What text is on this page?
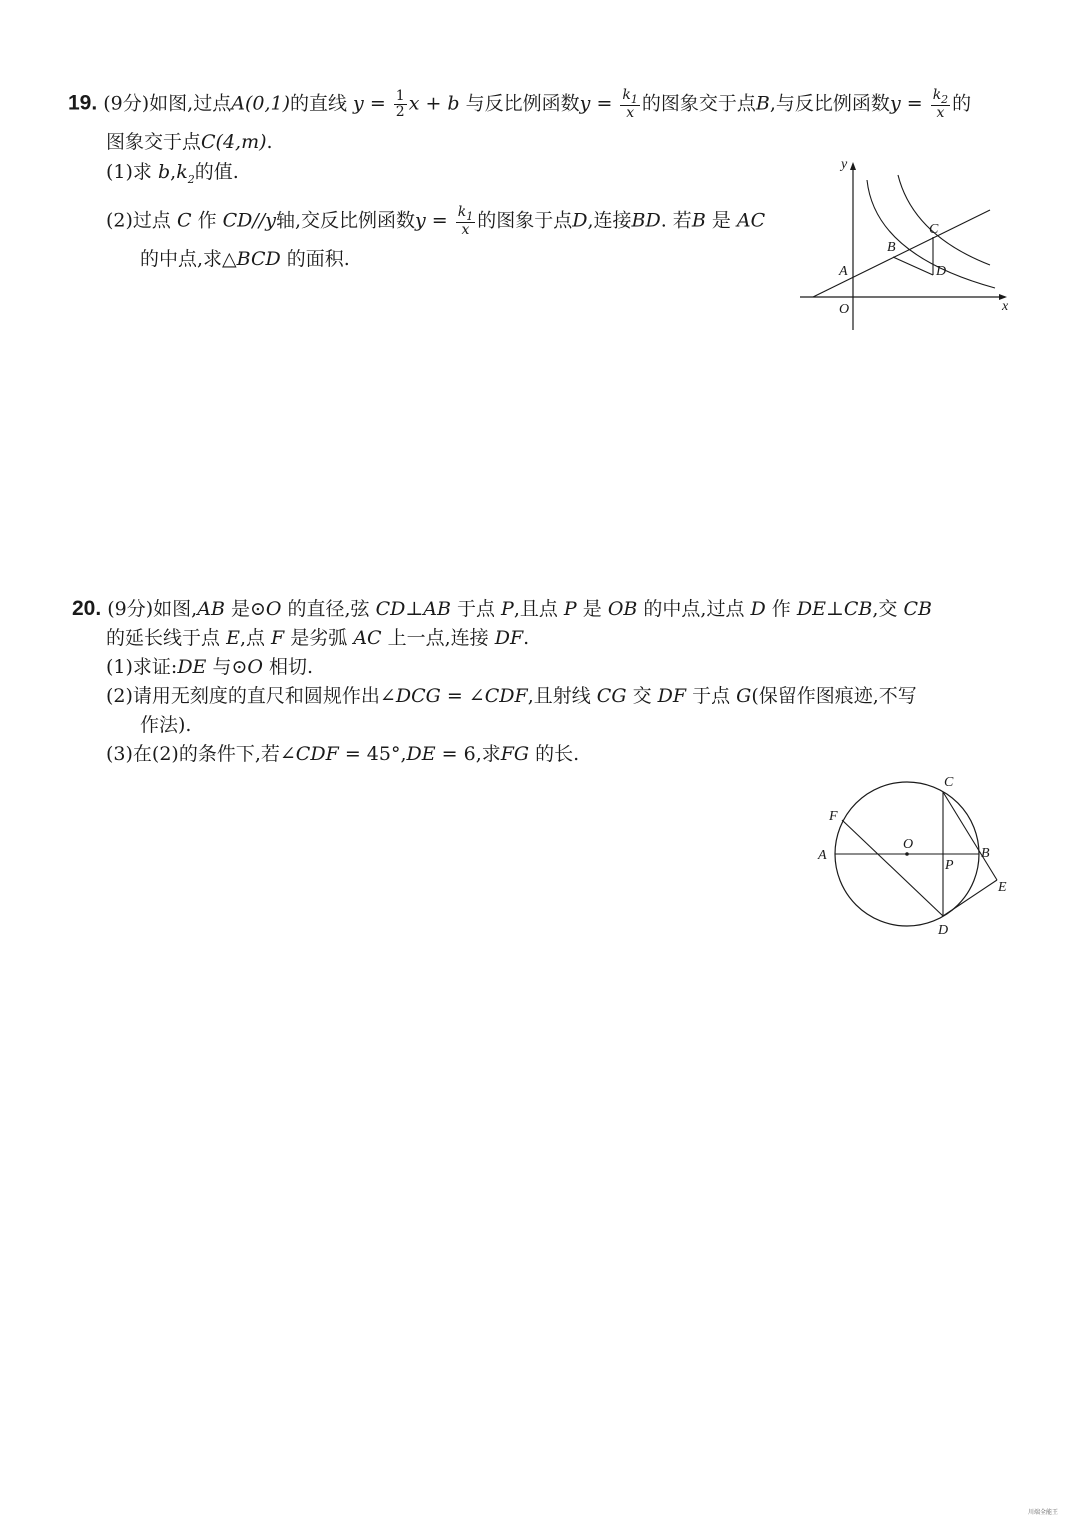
19. (9分)如图,过点A(0,1)的直线 $y = \frac{1}{2}$ x + b 与反比例函数$y = \frac{k_1}{x}$ 的图象交于点B,与反比例函数$y = \frac{k_2}{x}$ 的
图象交于点C(4,m).
(1)求 $b,k_2$的值.
(2)过点 C 作 CD//y轴,交反比例函数$y = \frac{k_1}{x}$ 的图象于点D,连接BD. 若B 是 AC
的中点,求△BCD 的面积.
y
x
O
A
B
C
D
20. (9分)如图,AB 是⊙O 的直径,弦 CD⊥AB 于点 P,且点 P 是 OB 的中点,过点 D 作 DE⊥CB,交 CB
的延长线于点 E,点 F 是劣弧 AC 上一点,连接 DF.
(1)求证:DE 与⊙O 相切.
(2)请用无刻度的直尺和圆规作出∠DCG = ∠CDF,且射线 CG 交 DF 于点 G(保留作图痕迹,不写
作法).
(3)在(2)的条件下,若∠CDF = 45°,DE = 6,求FG 的长.
F
C
O
A	B
P
E
D
川端全能王
